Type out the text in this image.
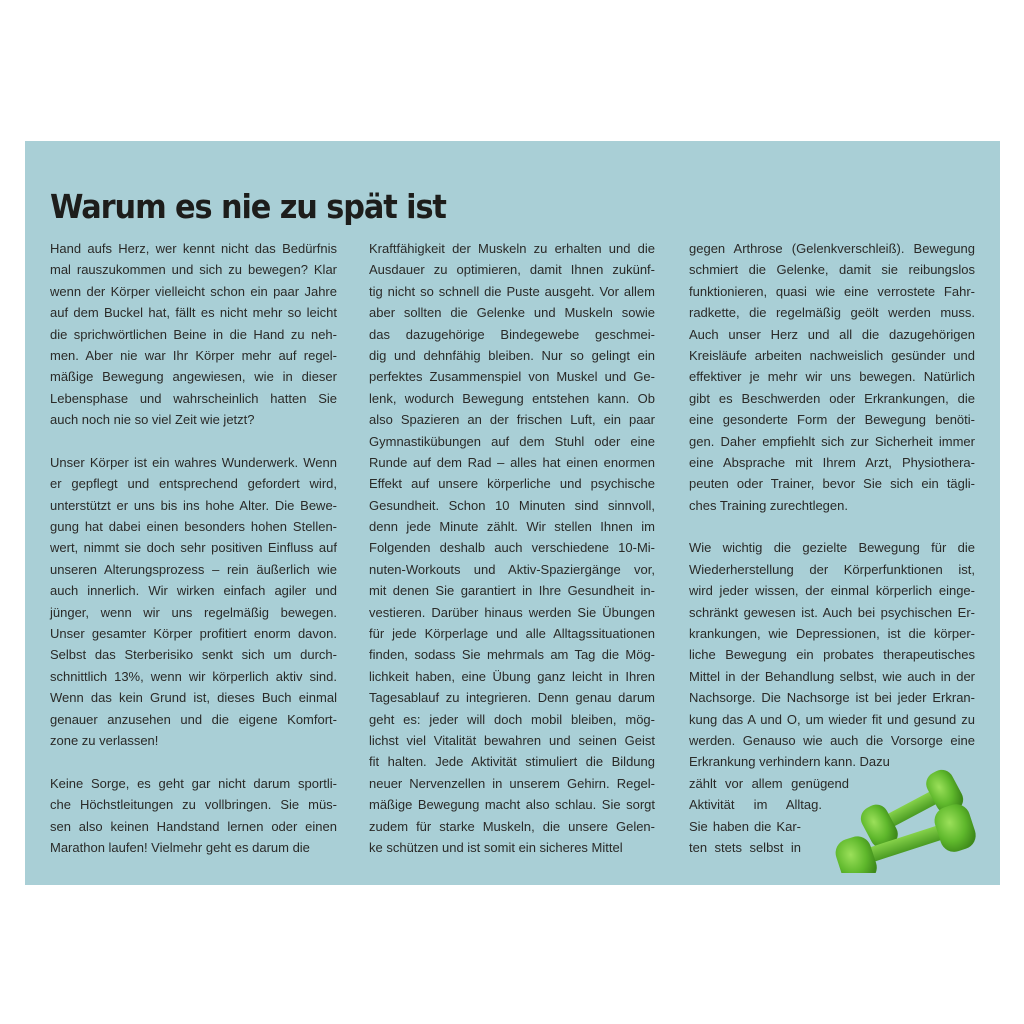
Warum es nie zu spät ist
Hand aufs Herz, wer kennt nicht das Bedürfnis
mal rauszukommen und sich zu bewegen? Klar
wenn der Körper vielleicht schon ein paar Jahre
auf dem Buckel hat, fällt es nicht mehr so leicht
die sprichwörtlichen Beine in die Hand zu neh-
men. Aber nie war Ihr Körper mehr auf regel-
mäßige Bewegung angewiesen, wie in dieser
Lebensphase und wahrscheinlich hatten Sie
auch noch nie so viel Zeit wie jetzt?
Unser Körper ist ein wahres Wunderwerk. Wenn
er gepflegt und entsprechend gefordert wird,
unterstützt er uns bis ins hohe Alter. Die Bewe-
gung hat dabei einen besonders hohen Stellen-
wert, nimmt sie doch sehr positiven Einfluss auf
unseren Alterungsprozess – rein äußerlich wie
auch innerlich. Wir wirken einfach agiler und
jünger, wenn wir uns regelmäßig bewegen.
Unser gesamter Körper profitiert enorm davon.
Selbst das Sterberisiko senkt sich um durch-
schnittlich 13%, wenn wir körperlich aktiv sind.
Wenn das kein Grund ist, dieses Buch einmal
genauer anzusehen und die eigene Komfort-
zone zu verlassen!
Keine Sorge, es geht gar nicht darum sportli-
che Höchstleitungen zu vollbringen. Sie müs-
sen also keinen Handstand lernen oder einen
Marathon laufen! Vielmehr geht es darum die
Kraftfähigkeit der Muskeln zu erhalten und die
Ausdauer zu optimieren, damit Ihnen zukünf-
tig nicht so schnell die Puste ausgeht. Vor allem
aber sollten die Gelenke und Muskeln sowie
das dazugehörige Bindegewebe geschmei-
dig und dehnfähig bleiben. Nur so gelingt ein
perfektes Zusammenspiel von Muskel und Ge-
lenk, wodurch Bewegung entstehen kann. Ob
also Spazieren an der frischen Luft, ein paar
Gymnastikübungen auf dem Stuhl oder eine
Runde auf dem Rad – alles hat einen enormen
Effekt auf unsere körperliche und psychische
Gesundheit. Schon 10 Minuten sind sinnvoll,
denn jede Minute zählt. Wir stellen Ihnen im
Folgenden deshalb auch verschiedene 10-Mi-
nuten-Workouts und Aktiv-Spaziergänge vor,
mit denen Sie garantiert in Ihre Gesundheit in-
vestieren. Darüber hinaus werden Sie Übungen
für jede Körperlage und alle Alltagssituationen
finden, sodass Sie mehrmals am Tag die Mög-
lichkeit haben, eine Übung ganz leicht in Ihren
Tagesablauf zu integrieren. Denn genau darum
geht es: jeder will doch mobil bleiben, mög-
lichst viel Vitalität bewahren und seinen Geist
fit halten. Jede Aktivität stimuliert die Bildung
neuer Nervenzellen in unserem Gehirn. Regel-
mäßige Bewegung macht also schlau. Sie sorgt
zudem für starke Muskeln, die unsere Gelen-
ke schützen und ist somit ein sicheres Mittel
gegen Arthrose (Gelenkverschleiß). Bewegung
schmiert die Gelenke, damit sie reibungslos
funktionieren, quasi wie eine verrostete Fahr-
radkette, die regelmäßig geölt werden muss.
Auch unser Herz und all die dazugehörigen
Kreisläufe arbeiten nachweislich gesünder und
effektiver je mehr wir uns bewegen. Natürlich
gibt es Beschwerden oder Erkrankungen, die
eine gesonderte Form der Bewegung benöti-
gen. Daher empfiehlt sich zur Sicherheit immer
eine Absprache mit Ihrem Arzt, Physiothera-
peuten oder Trainer, bevor Sie sich ein tägli-
ches Training zurechtlegen.
Wie wichtig die gezielte Bewegung für die
Wiederherstellung der Körperfunktionen ist,
wird jeder wissen, der einmal körperlich einge-
schränkt gewesen ist. Auch bei psychischen Er-
krankungen, wie Depressionen, ist die körper-
liche Bewegung ein probates therapeutisches
Mittel in der Behandlung selbst, wie auch in der
Nachsorge. Die Nachsorge ist bei jeder Erkran-
kung das A und O, um wieder fit und gesund zu
werden. Genauso wie auch die Vorsorge eine
Erkrankung verhindern kann. Dazu
zählt vor allem genügend
Aktivität im Alltag.
Sie haben die Kar-
ten stets selbst in
